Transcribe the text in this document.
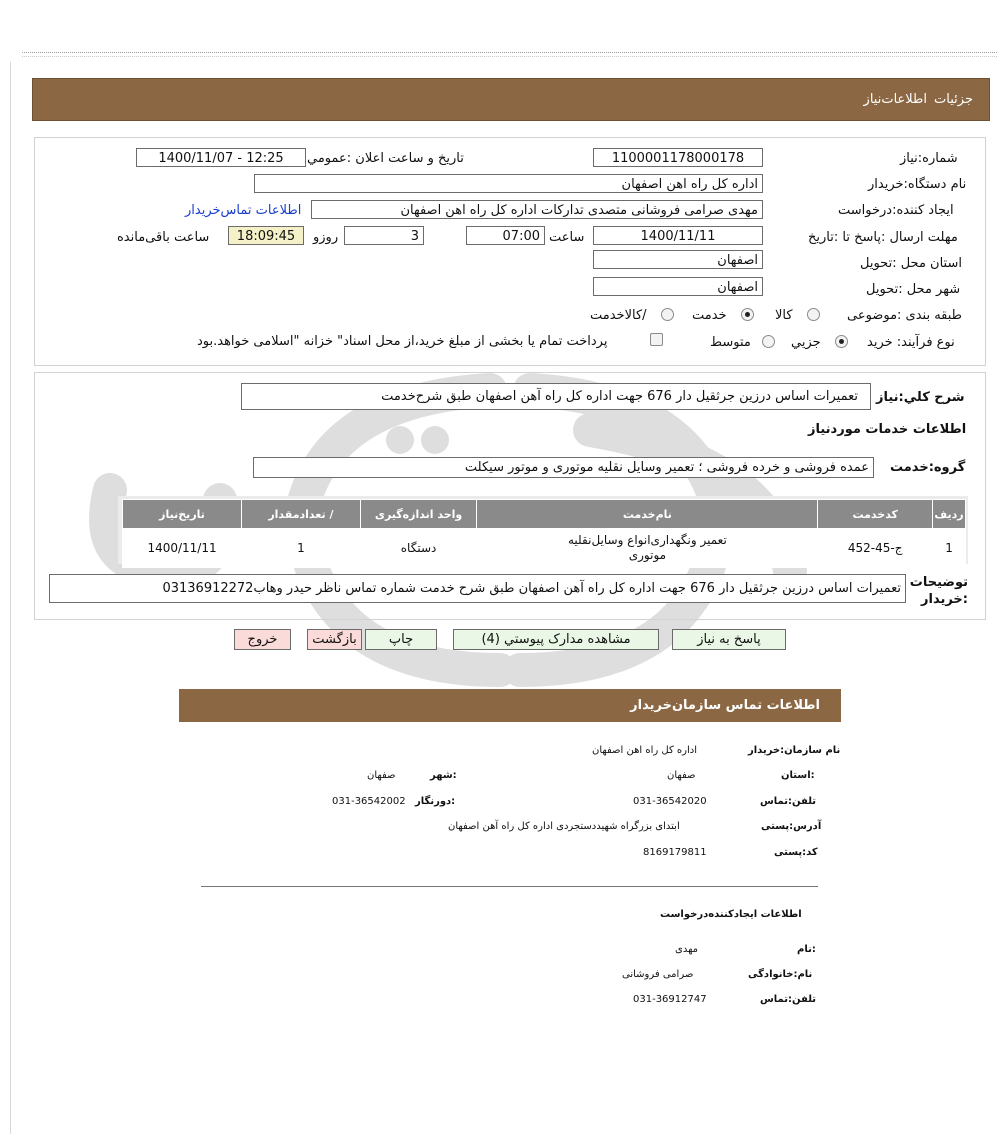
جزئيات
اطلاعات‌نیاز
شماره:نیاز
1100001178000178
تاریخ و ساعت اعلان :عمومي
1400/11/07 - 12:25
نام دستگاه:خریدار
اداره کل راه اهن اصفهان
ایجاد کننده:درخواست
مهدی صرامی فروشانی متصدی تدارکات اداره کل راه اهن اصفهان
اطلاعات تماس‌خریدار
مهلت ارسال :پاسخ تا :تاریخ
1400/11/11
ساعت
07:00
3
روزو
18:09:45
ساعت باقی‌مانده
استان محل :تحویل
اصفهان
شهر محل :تحویل
اصفهان
طبقه بندی :موضوعی
کالا
خدمت
/کالاخدمت
نوع فرآیند: خرید
جزیي
متوسط
پرداخت تمام یا بخشی از مبلغ خرید،از محل اسناد" خزانه "اسلامی خواهد.بود
شرح كلي:نیاز
تعمیرات اساس درزین جرثقیل دار 676 جهت اداره کل راه آهن اصفهان طبق شرح‌خدمت
اطلاعات خدمات موردنیاز
گروه:خدمت
عمده فروشی و خرده فروشی ؛ تعمیر وسایل نقلیه موتوری و موتور سیکلت
ردیف	کدخدمت	نام‌خدمت	واحد اندازه‌گیری	/ تعدادمقدار	تاریخ‌نیاز
1	ج-45-452	تعمیر ونگهداری‌انواع وسایل‌نقلیه موتوری	دستگاه	1	1400/11/11
توضیحات :خریدار
تعمیرات اساس درزین جرثقیل دار 676 جهت اداره کل راه آهن اصفهان طبق شرح خدمت شماره تماس ناظر حیدر وهاب03136912272
پاسخ به نیاز
مشاهده مدارک پیوستي (4)
چاپ
بازگشت
خروج
اطلاعات تماس سازمان‌خریدار
نام سازمان:خریدار
اداره کل راه اهن اصفهان
:استان
صفهان
:شهر
صفهان
تلفن:تماس
031-36542020
:دورنگار
031-36542002
آدرس:پستی
ابتدای بزرگراه شهیددستجردی اداره کل راه آهن اصفهان
کد:پستی
8169179811
اطلاعات ایجادکننده‌درخواست
:نام
مهدی
نام:خانوادگی
صرامی فروشانی
تلفن:تماس
031-36912747
